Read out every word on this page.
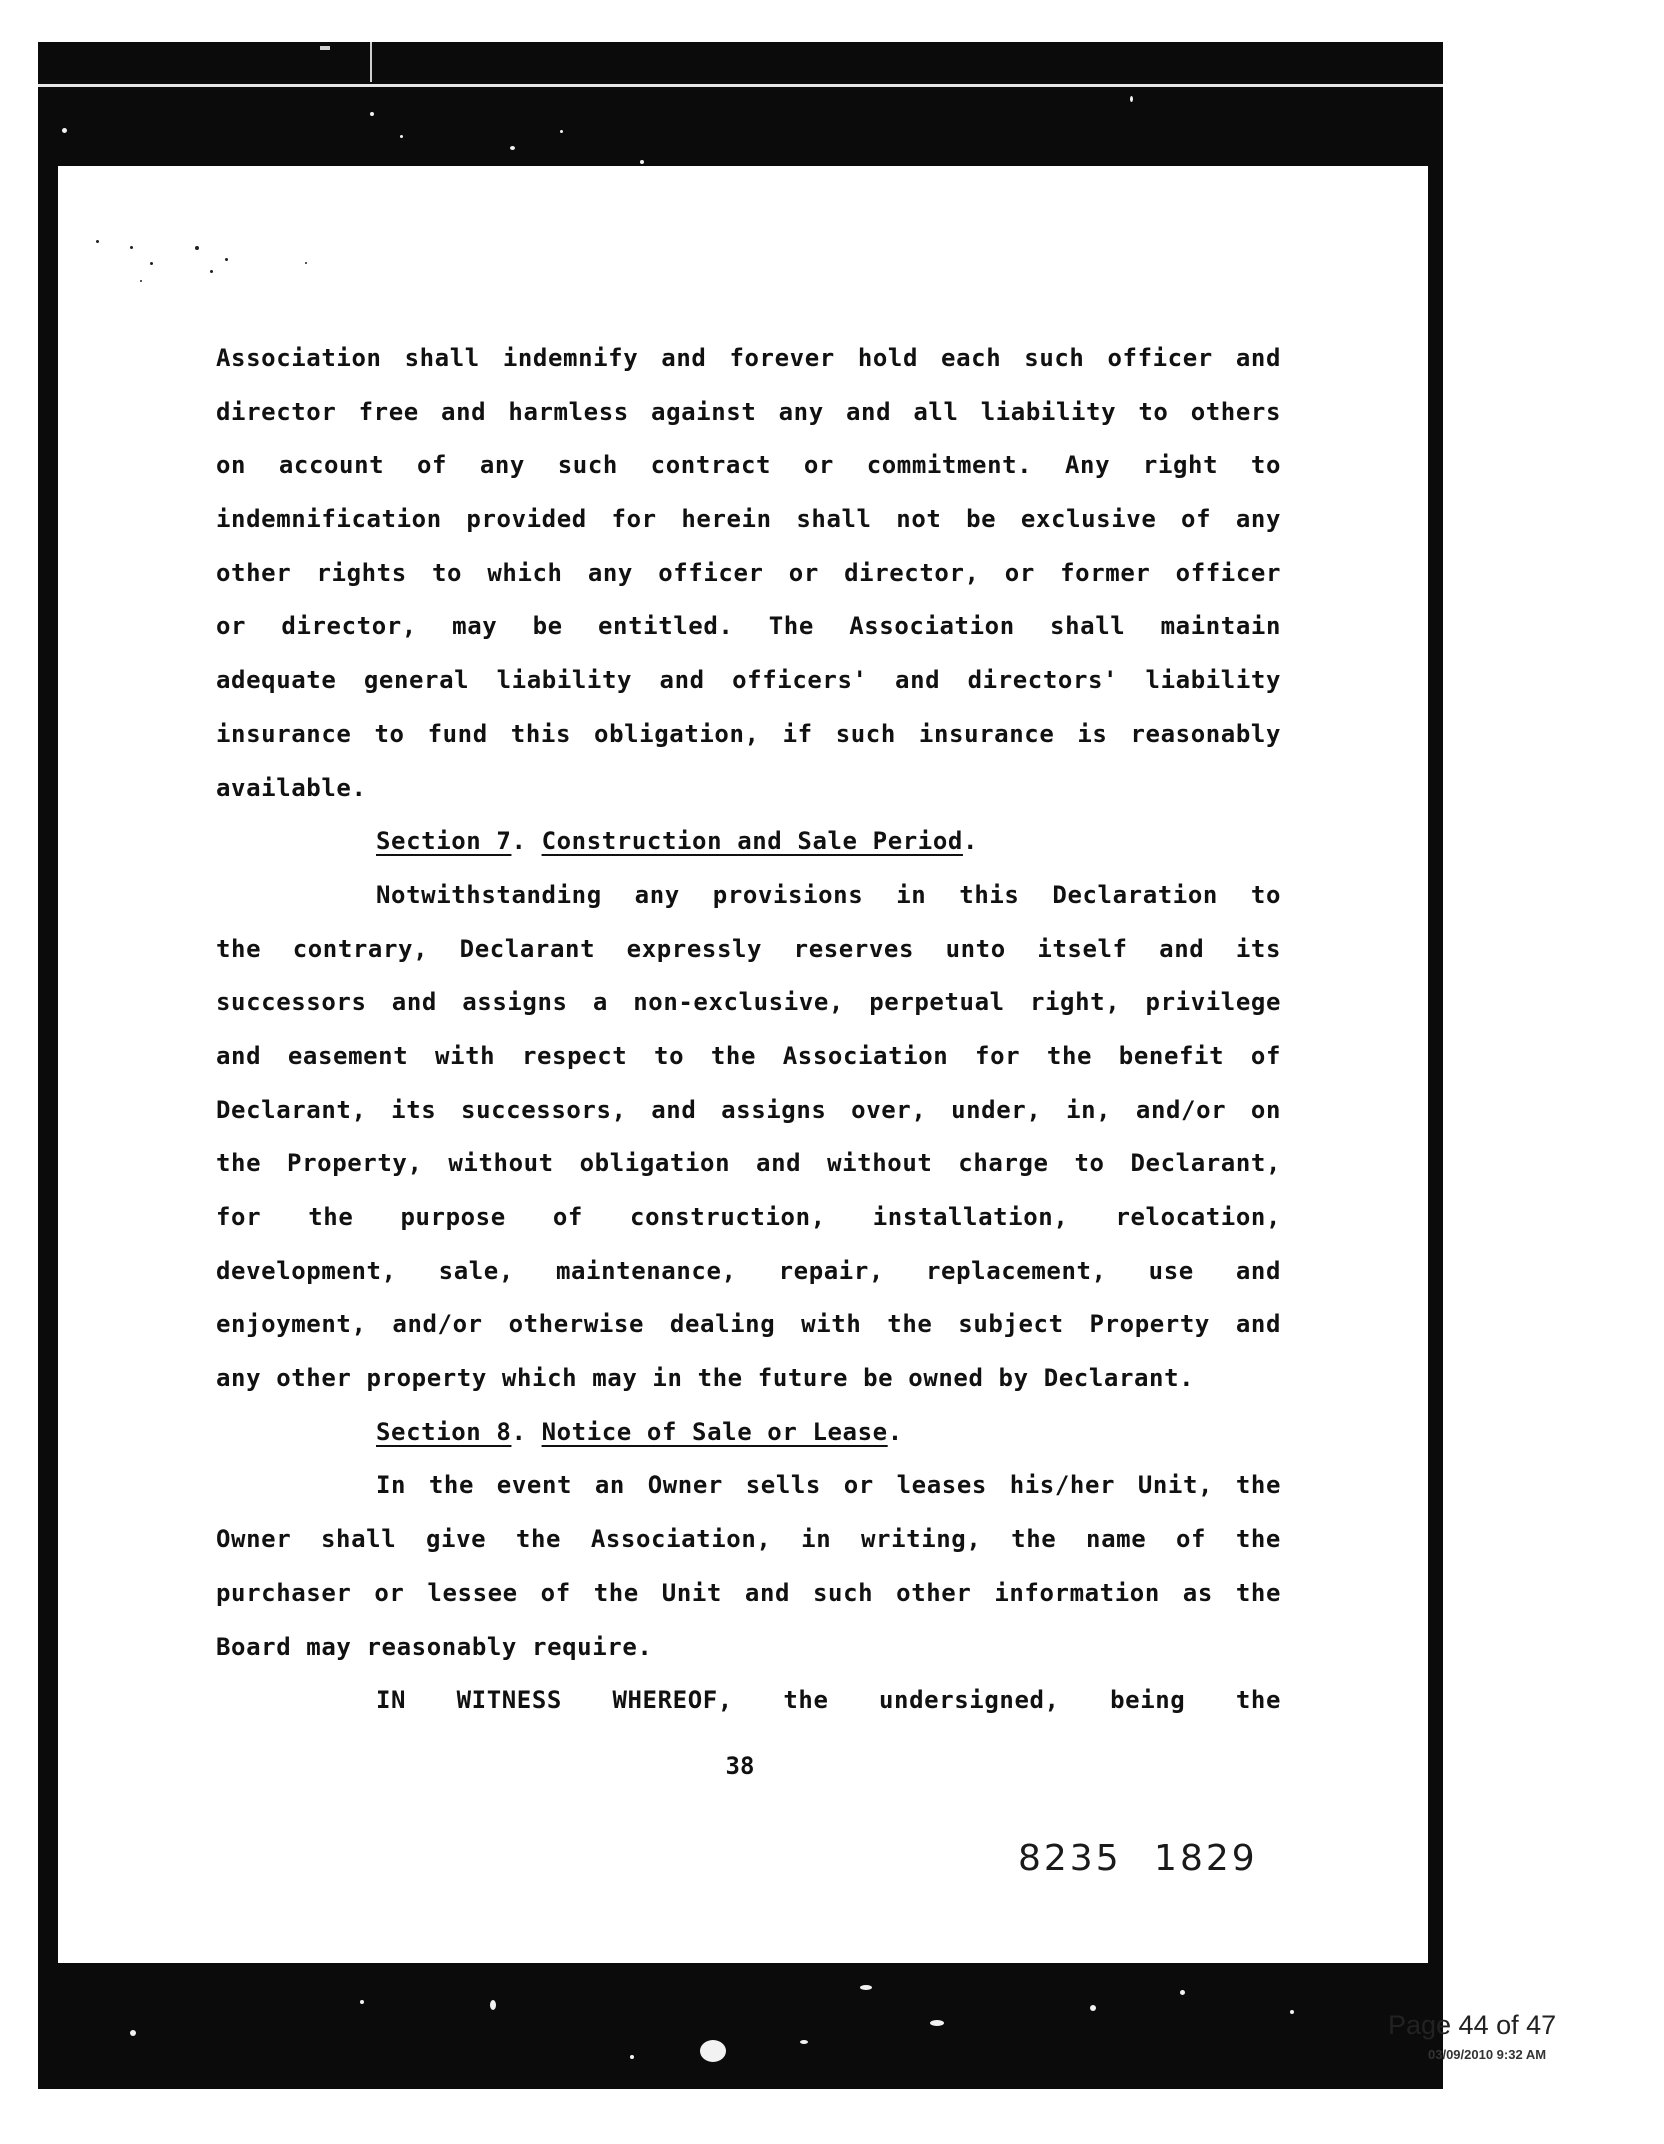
Association shall indemnify and forever hold each such officer and
director free and harmless against any and all liability to others
on account of any such contract or commitment. Any right to
indemnification provided for herein shall not be exclusive of any
other rights to which any officer or director, or former officer
or director, may be entitled. The Association shall maintain
adequate general liability and officers' and directors' liability
insurance to fund this obligation, if such insurance is reasonably
available.
Section 7. Construction and Sale Period.
Notwithstanding any provisions in this Declaration to
the contrary, Declarant expressly reserves unto itself and its
successors and assigns a non-exclusive, perpetual right, privilege
and easement with respect to the Association for the benefit of
Declarant, its successors, and assigns over, under, in, and/or on
the Property, without obligation and without charge to Declarant,
for the purpose of construction, installation, relocation,
development, sale, maintenance, repair, replacement, use and
enjoyment, and/or otherwise dealing with the subject Property and
any other property which may in the future be owned by Declarant.
Section 8. Notice of Sale or Lease.
In the event an Owner sells or leases his/her Unit, the
Owner shall give the Association, in writing, the name of the
purchaser or lessee of the Unit and such other information as the
Board may reasonably require.
IN WITNESS WHEREOF, the undersigned, being the
38
8235 1829
Page 44 of 47
03/09/2010 9:32 AM
